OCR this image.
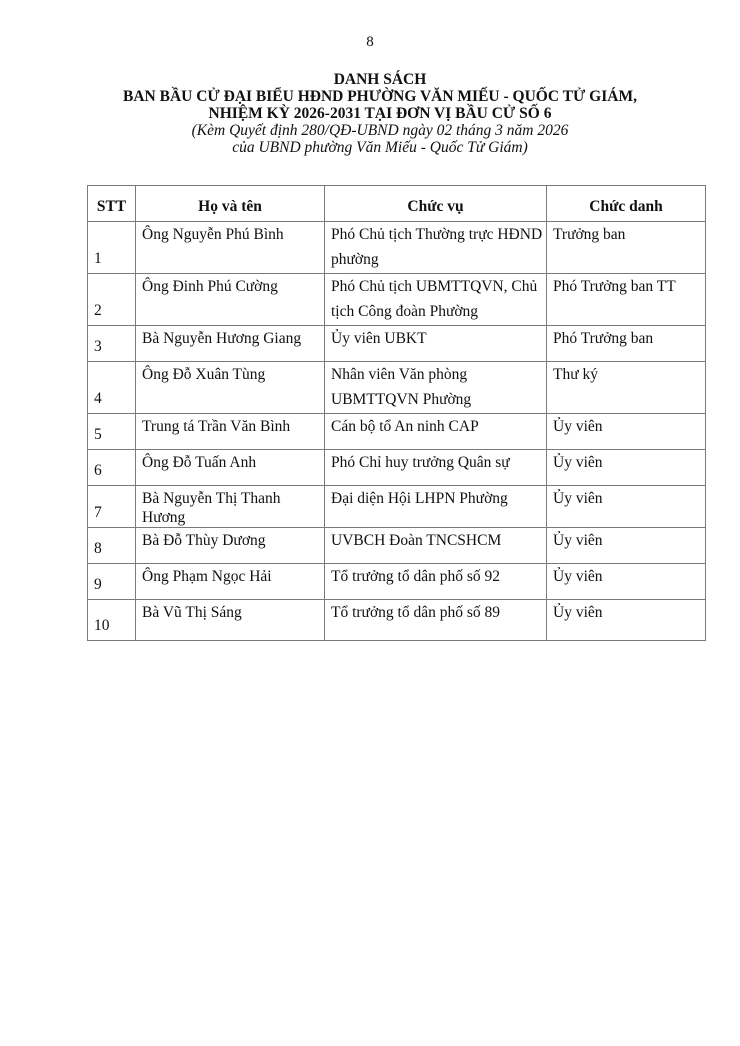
8
DANH SÁCH
BAN BẦU CỬ ĐẠI BIỂU HĐND PHƯỜNG VĂN MIẾU - QUỐC TỬ GIÁM,
NHIỆM KỲ 2026-2031 TẠI ĐƠN VỊ BẦU CỬ SỐ 6
(Kèm Quyết định 280/QĐ-UBND ngày 02 tháng 3 năm 2026
của UBND phường Văn Miếu - Quốc Tử Giám)
STT	Họ và tên	Chức vụ	Chức danh
1	Ông Nguyễn Phú Bình	Phó Chủ tịch Thường trực HĐND phường	Trưởng ban
2	Ông Đinh Phú Cường	Phó Chủ tịch UBMTTQVN, Chủ tịch Công đoàn Phường	Phó Trưởng ban TT
3	Bà Nguyễn Hương Giang	Ủy viên UBKT	Phó Trưởng ban
4	Ông Đỗ Xuân Tùng	Nhân viên Văn phòng UBMTTQVN Phường	Thư ký
5	Trung tá Trần Văn Bình	Cán bộ tổ An ninh CAP	Ủy viên
6	Ông Đỗ Tuấn Anh	Phó Chỉ huy trưởng Quân sự	Ủy viên
7	Bà Nguyễn Thị Thanh Hương	Đại diện Hội LHPN Phường	Ủy viên
8	Bà Đỗ Thùy Dương	UVBCH Đoàn TNCSHCM	Ủy viên
9	Ông Phạm Ngọc Hải	Tổ trưởng tổ dân phố số 92	Ủy viên
10	Bà Vũ Thị Sáng	Tổ trưởng tổ dân phố số 89	Ủy viên
